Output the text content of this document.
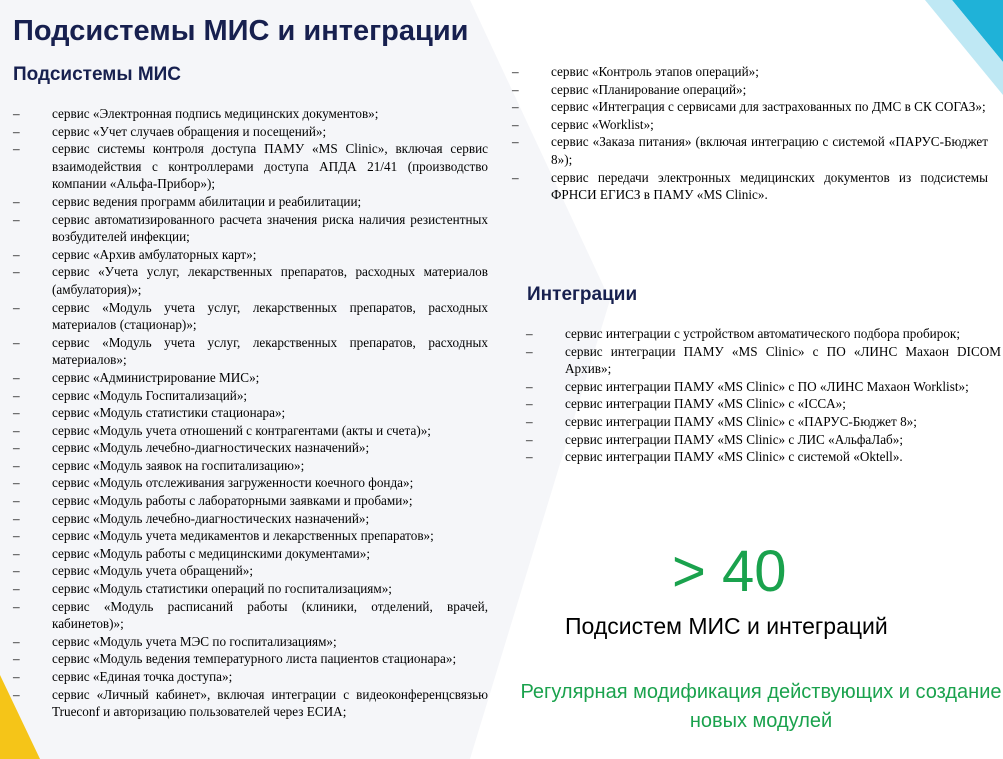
Подсистемы МИС и интеграции
Подсистемы МИС
– сервис «Электронная подпись медицинских документов»;
– сервис «Учет случаев обращения и посещений»;
– сервис системы контроля доступа ПАМУ «MS Clinic», включая сервис взаимодействия с контроллерами доступа АПДА 21/41 (производство компании «Альфа-Прибор»);
– сервис ведения программ абилитации и реабилитации;
– сервис автоматизированного расчета значения риска наличия резистентных возбудителей инфекции;
– сервис «Архив амбулаторных карт»;
– сервис «Учета услуг, лекарственных препаратов, расходных материалов (амбулатория)»;
– сервис «Модуль учета услуг, лекарственных препаратов, расходных материалов (стационар)»;
– сервис «Модуль учета услуг, лекарственных препаратов, расходных материалов»;
– сервис «Администрирование МИС»;
– сервис «Модуль Госпитализаций»;
– сервис «Модуль статистики стационара»;
– сервис «Модуль учета отношений с контрагентами (акты и счета)»;
– сервис «Модуль лечебно-диагностических назначений»;
– сервис «Модуль заявок на госпитализацию»;
– сервис «Модуль отслеживания загруженности коечного фонда»;
– сервис «Модуль работы с лабораторными заявками и пробами»;
– сервис «Модуль лечебно-диагностических назначений»;
– сервис «Модуль учета медикаментов и лекарственных препаратов»;
– сервис «Модуль работы с медицинскими документами»;
– сервис «Модуль учета обращений»;
– сервис «Модуль статистики операций по госпитализациям»;
– сервис «Модуль расписаний работы (клиники, отделений, врачей, кабинетов)»;
– сервис «Модуль учета МЭС по госпитализациям»;
– сервис «Модуль ведения температурного листа пациентов стационара»;
– сервис «Единая точка доступа»;
– сервис «Личный кабинет», включая интеграции с видеоконференцсвязью Trueconf и авторизацию пользователей через ЕСИА;
– сервис «Контроль этапов операций»;
– сервис «Планирование операций»;
– сервис «Интеграция с сервисами для застрахованных по ДМС в СК СОГАЗ»;
– сервис «Worklist»;
– сервис «Заказа питания» (включая интеграцию с системой «ПАРУС-Бюджет 8»);
– сервис передачи электронных медицинских документов из подсистемы ФРНСИ ЕГИСЗ в ПАМУ «MS Clinic».
Интеграции
– сервис интеграции с устройством автоматического подбора пробирок;
– сервис интеграции ПАМУ «MS Clinic» с ПО «ЛИНС Махаон DICOM Архив»;
– сервис интеграции ПАМУ «MS Clinic» с ПО «ЛИНС Махаон Worklist»;
– сервис интеграции ПАМУ «MS Clinic» с «ICCA»;
– сервис интеграции ПАМУ «MS Clinic» с «ПАРУС-Бюджет 8»;
– сервис интеграции ПАМУ «MS Clinic» с ЛИС «АльфаЛаб»;
– сервис интеграции ПАМУ «MS Clinic» с системой «Oktell».
> 40
Подсистем МИС и интеграций
Регулярная модификация действующих и создание новых модулей
